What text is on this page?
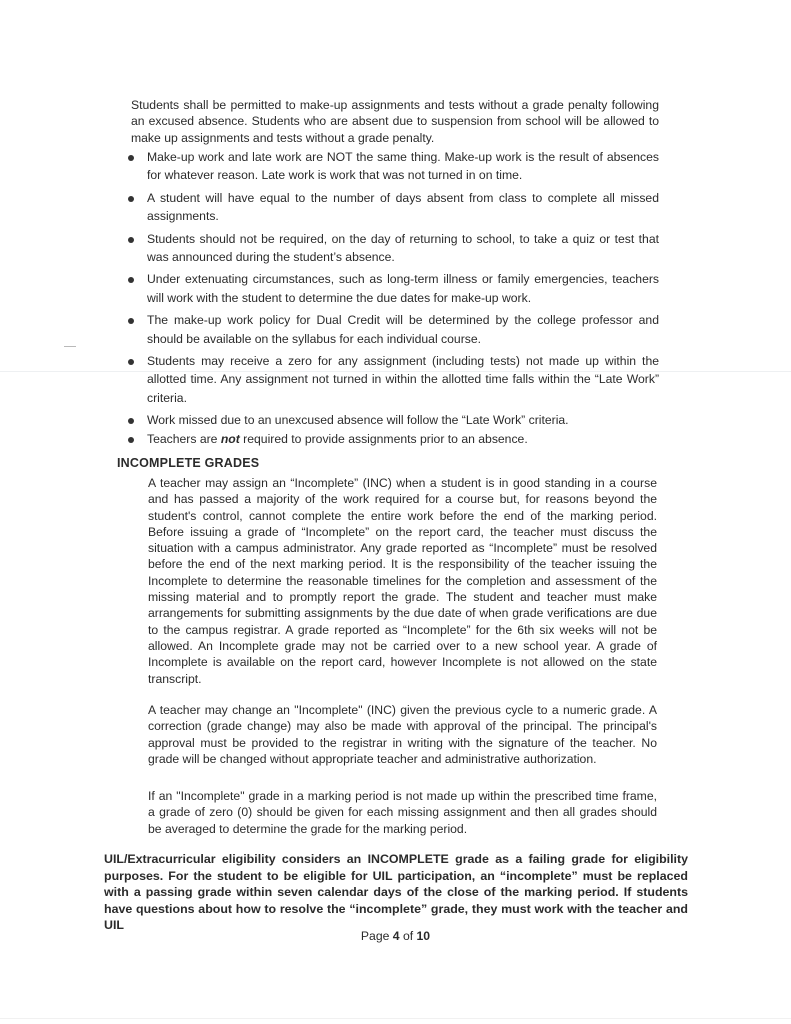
Students shall be permitted to make-up assignments and tests without a grade penalty following an excused absence. Students who are absent due to suspension from school will be allowed to make up assignments and tests without a grade penalty.

Make-up work and late work are NOT the same thing. Make-up work is the result of absences for whatever reason. Late work is work that was not turned in on time.
A student will have equal to the number of days absent from class to complete all missed assignments.
Students should not be required, on the day of returning to school, to take a quiz or test that was announced during the student’s absence.
Under extenuating circumstances, such as long-term illness or family emergencies, teachers will work with the student to determine the due dates for make-up work.
The make-up work policy for Dual Credit will be determined by the college professor and should be available on the syllabus for each individual course.
Students may receive a zero for any assignment (including tests) not made up within the allotted time. Any assignment not turned in within the allotted time falls within the “Late Work” criteria.
Work missed due to an unexcused absence will follow the “Late Work” criteria.
Teachers are not required to provide assignments prior to an absence.
INCOMPLETE GRADES

A teacher may assign an “Incomplete” (INC) when a student is in good standing in a course and has passed a majority of the work required for a course but, for reasons beyond the student's control, cannot complete the entire work before the end of the marking period. Before issuing a grade of “Incomplete” on the report card, the teacher must discuss the situation with a campus administrator. Any grade reported as “Incomplete” must be resolved before the end of the next marking period. It is the responsibility of the teacher issuing the Incomplete to determine the reasonable timelines for the completion and assessment of the missing material and to promptly report the grade. The student and teacher must make arrangements for submitting assignments by the due date of when grade verifications are due to the campus registrar. A grade reported as “Incomplete” for the 6th six weeks will not be allowed. An Incomplete grade may not be carried over to a new school year. A grade of Incomplete is available on the report card, however Incomplete is not allowed on the state transcript.

A teacher may change an "Incomplete" (INC) given the previous cycle to a numeric grade. A correction (grade change) may also be made with approval of the principal. The principal's approval must be provided to the registrar in writing with the signature of the teacher. No grade will be changed without appropriate teacher and administrative authorization.

If an "Incomplete" grade in a marking period is not made up within the prescribed time frame, a grade of zero (0) should be given for each missing assignment and then all grades should be averaged to determine the grade for the marking period.

UIL/Extracurricular eligibility considers an INCOMPLETE grade as a failing grade for eligibility purposes. For the student to be eligible for UIL participation, an “incomplete” must be replaced with a passing grade within seven calendar days of the close of the marking period. If students have questions about how to resolve the “incomplete” grade, they must work with the teacher and UIL

Page 4 of 10
